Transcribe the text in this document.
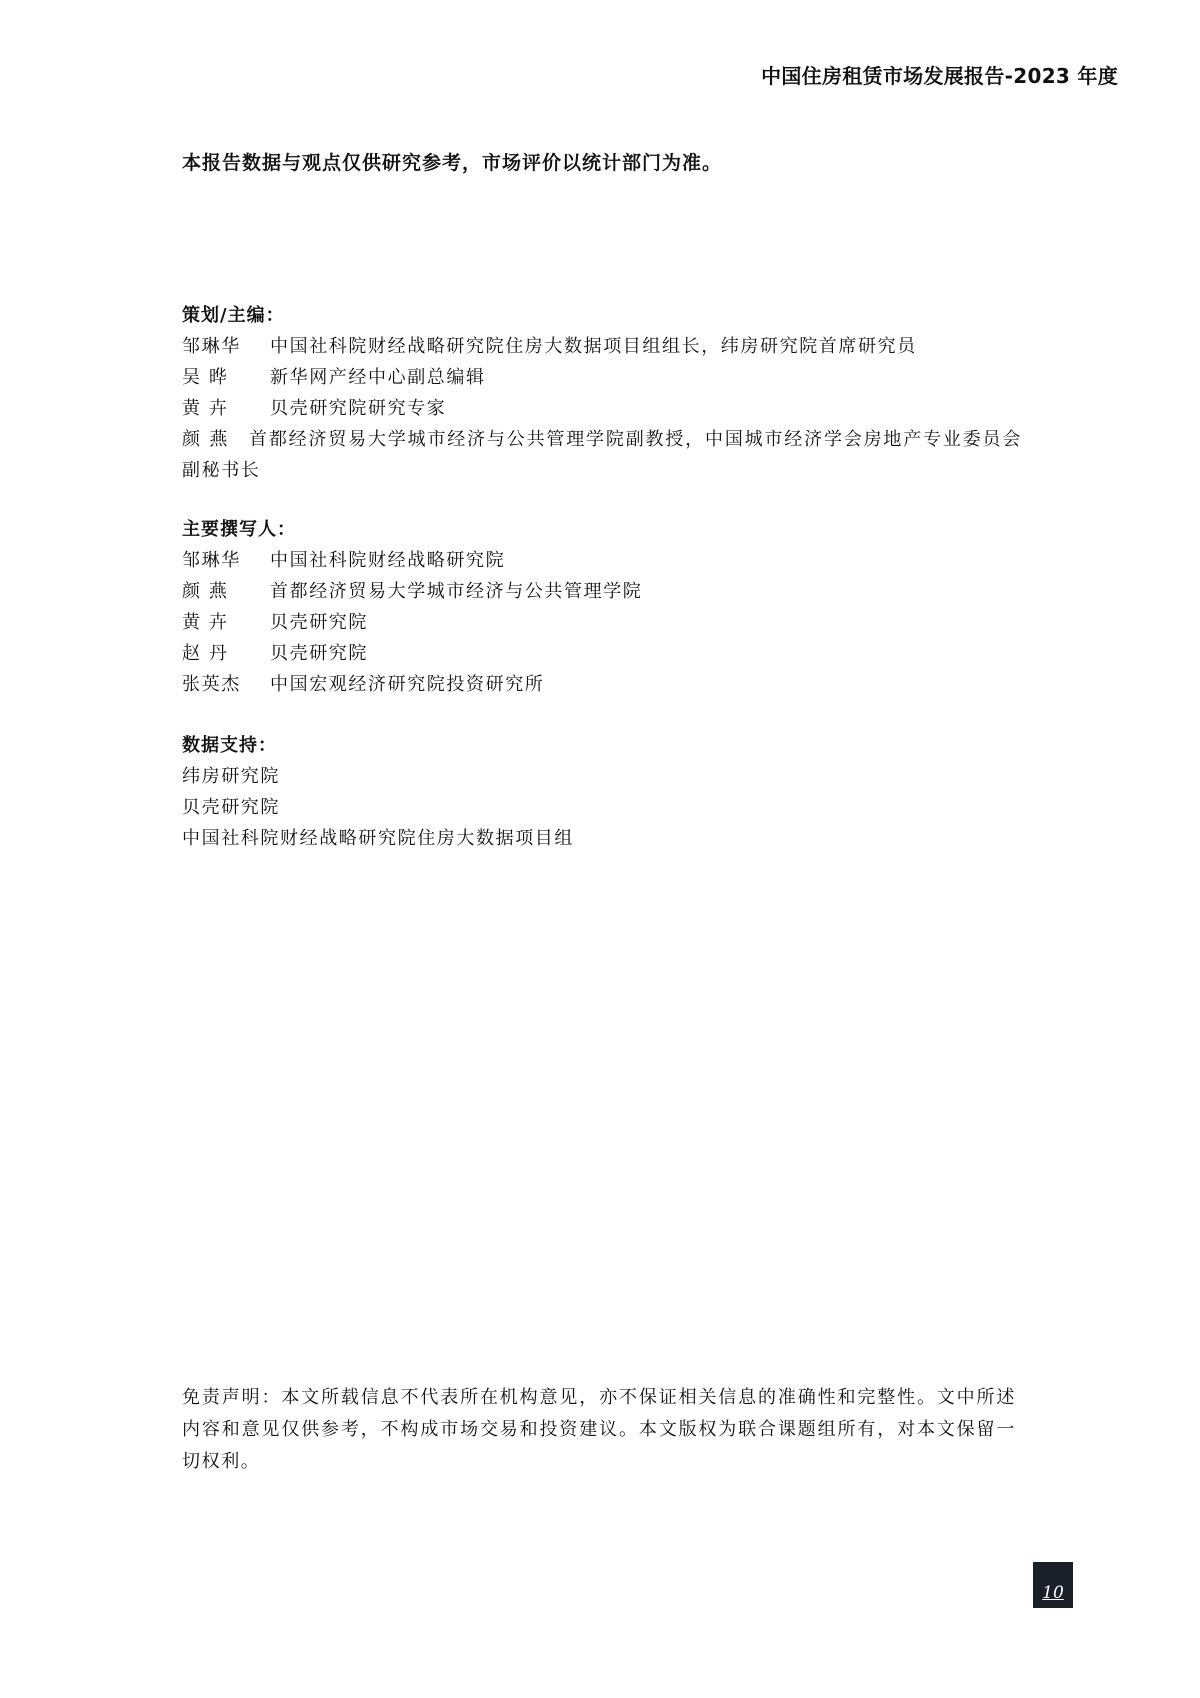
中国住房租赁市场发展报告-2023 年度
本报告数据与观点仅供研究参考，市场评价以统计部门为准。
策划/主编：
邹琳华	中国社科院财经战略研究院住房大数据项目组组长，纬房研究院首席研究员
吴 晔	新华网产经中心副总编辑
黄 卉	贝壳研究院研究专家
颜 燕　 首都经济贸易大学城市经济与公共管理学院副教授，中国城市经济学会房地产专业委员会副秘书长
主要撰写人：
邹琳华	中国社科院财经战略研究院
颜 燕	首都经济贸易大学城市经济与公共管理学院
黄 卉	贝壳研究院
赵 丹	贝壳研究院
张英杰	中国宏观经济研究院投资研究所
数据支持：
纬房研究院
贝壳研究院
中国社科院财经战略研究院住房大数据项目组
免责声明：本文所载信息不代表所在机构意见，亦不保证相关信息的准确性和完整性。文中所述内容和意见仅供参考，不构成市场交易和投资建议。本文版权为联合课题组所有，对本文保留一切权利。
10
